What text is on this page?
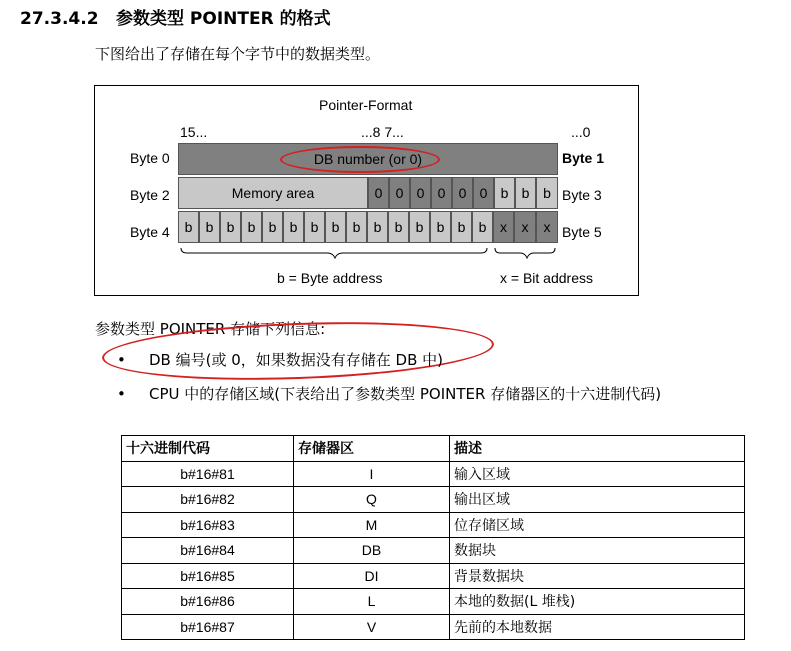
27.3.4.2 参数类型 POINTER 的格式
下图给出了存储在每个字节中的数据类型。
Pointer-Format
15...	...8 7...	...0
Byte 0	Byte 1
Byte 2	Byte 3
Byte 4	Byte 5
DB number (or 0)
Memory area	0 0 0 0 0 0 b b b
b b b b b b b b b b b b b b b x	x	x
b = Byte address	x = Bit address
参数类型 POINTER 存储下列信息:
• DB 编号(或 0，如果数据没有存储在 DB 中)
• CPU 中的存储区域(下表给出了参数类型 POINTER 存储器区的十六进制代码)
十六进制代码	存储器区	描述
b#16#81	I	输入区域
b#16#82	Q	输出区域
b#16#83	M	位存储区域
b#16#84	DB	数据块
b#16#85	DI	背景数据块
b#16#86	L	本地的数据(L 堆栈)
b#16#87	V	先前的本地数据
